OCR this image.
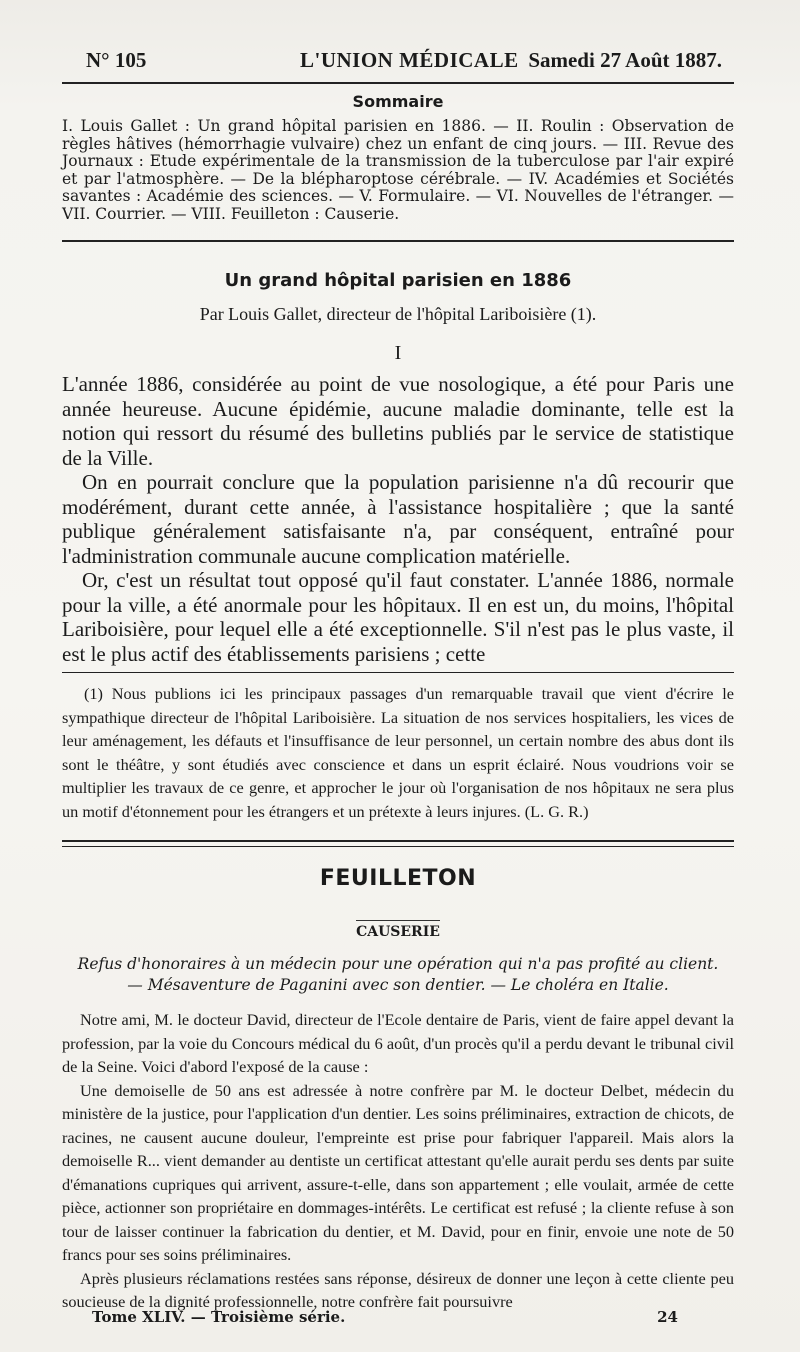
N° 105	L'UNION MÉDICALE Samedi 27 Août 1887.
Sommaire
I. Louis Gallet : Un grand hôpital parisien en 1886. — II. Roulin : Observation de règles hâtives (hémorrhagie vulvaire) chez un enfant de cinq jours. — III. Revue des Journaux : Etude expérimentale de la transmission de la tuberculose par l'air expiré et par l'atmosphère. — De la blépharoptose cérébrale. — IV. Académies et Sociétés savantes : Académie des sciences. — V. Formulaire. — VI. Nouvelles de l'étranger. — VII. Courrier. — VIII. Feuilleton : Causerie.
Un grand hôpital parisien en 1886
Par Louis Gallet, directeur de l'hôpital Lariboisière (1).
I

L'année 1886, considérée au point de vue nosologique, a été pour Paris une année heureuse. Aucune épidémie, aucune maladie dominante, telle est la notion qui ressort du résumé des bulletins publiés par le service de statistique de la Ville.

On en pourrait conclure que la population parisienne n'a dû recourir que modérément, durant cette année, à l'assistance hospitalière ; que la santé publique généralement satisfaisante n'a, par conséquent, entraîné pour l'administration communale aucune complication matérielle.

Or, c'est un résultat tout opposé qu'il faut constater. L'année 1886, normale pour la ville, a été anormale pour les hôpitaux. Il en est un, du moins, l'hôpital Lariboisière, pour lequel elle a été exceptionnelle. S'il n'est pas le plus vaste, il est le plus actif des établissements parisiens ; cette

(1) Nous publions ici les principaux passages d'un remarquable travail que vient d'écrire le sympathique directeur de l'hôpital Lariboisière. La situation de nos services hospitaliers, les vices de leur aménagement, les défauts et l'insuffisance de leur personnel, un certain nombre des abus dont ils sont le théâtre, y sont étudiés avec conscience et dans un esprit éclairé. Nous voudrions voir se multiplier les travaux de ce genre, et approcher le jour où l'organisation de nos hôpitaux ne sera plus un motif d'étonnement pour les étrangers et un prétexte à leurs injures. (L. G. R.)

FEUILLETON
CAUSERIE
Refus d'honoraires à un médecin pour une opération qui n'a pas profité au client.
— Mésaventure de Paganini avec son dentier. — Le choléra en Italie.

Notre ami, M. le docteur David, directeur de l'Ecole dentaire de Paris, vient de faire appel devant la profession, par la voie du Concours médical du 6 août, d'un procès qu'il a perdu devant le tribunal civil de la Seine. Voici d'abord l'exposé de la cause :

Une demoiselle de 50 ans est adressée à notre confrère par M. le docteur Delbet, médecin du ministère de la justice, pour l'application d'un dentier. Les soins préliminaires, extraction de chicots, de racines, ne causent aucune douleur, l'empreinte est prise pour fabriquer l'appareil. Mais alors la demoiselle R... vient demander au dentiste un certificat attestant qu'elle aurait perdu ses dents par suite d'émanations cupriques qui arrivent, assure-t-elle, dans son appartement ; elle voulait, armée de cette pièce, actionner son propriétaire en dommages-intérêts. Le certificat est refusé ; la cliente refuse à son tour de laisser continuer la fabrication du dentier, et M. David, pour en finir, envoie une note de 50 francs pour ses soins préliminaires.

Après plusieurs réclamations restées sans réponse, désireux de donner une leçon à cette cliente peu soucieuse de la dignité professionnelle, notre confrère fait poursuivre

Tome XLIV. — Troisième série.	24
